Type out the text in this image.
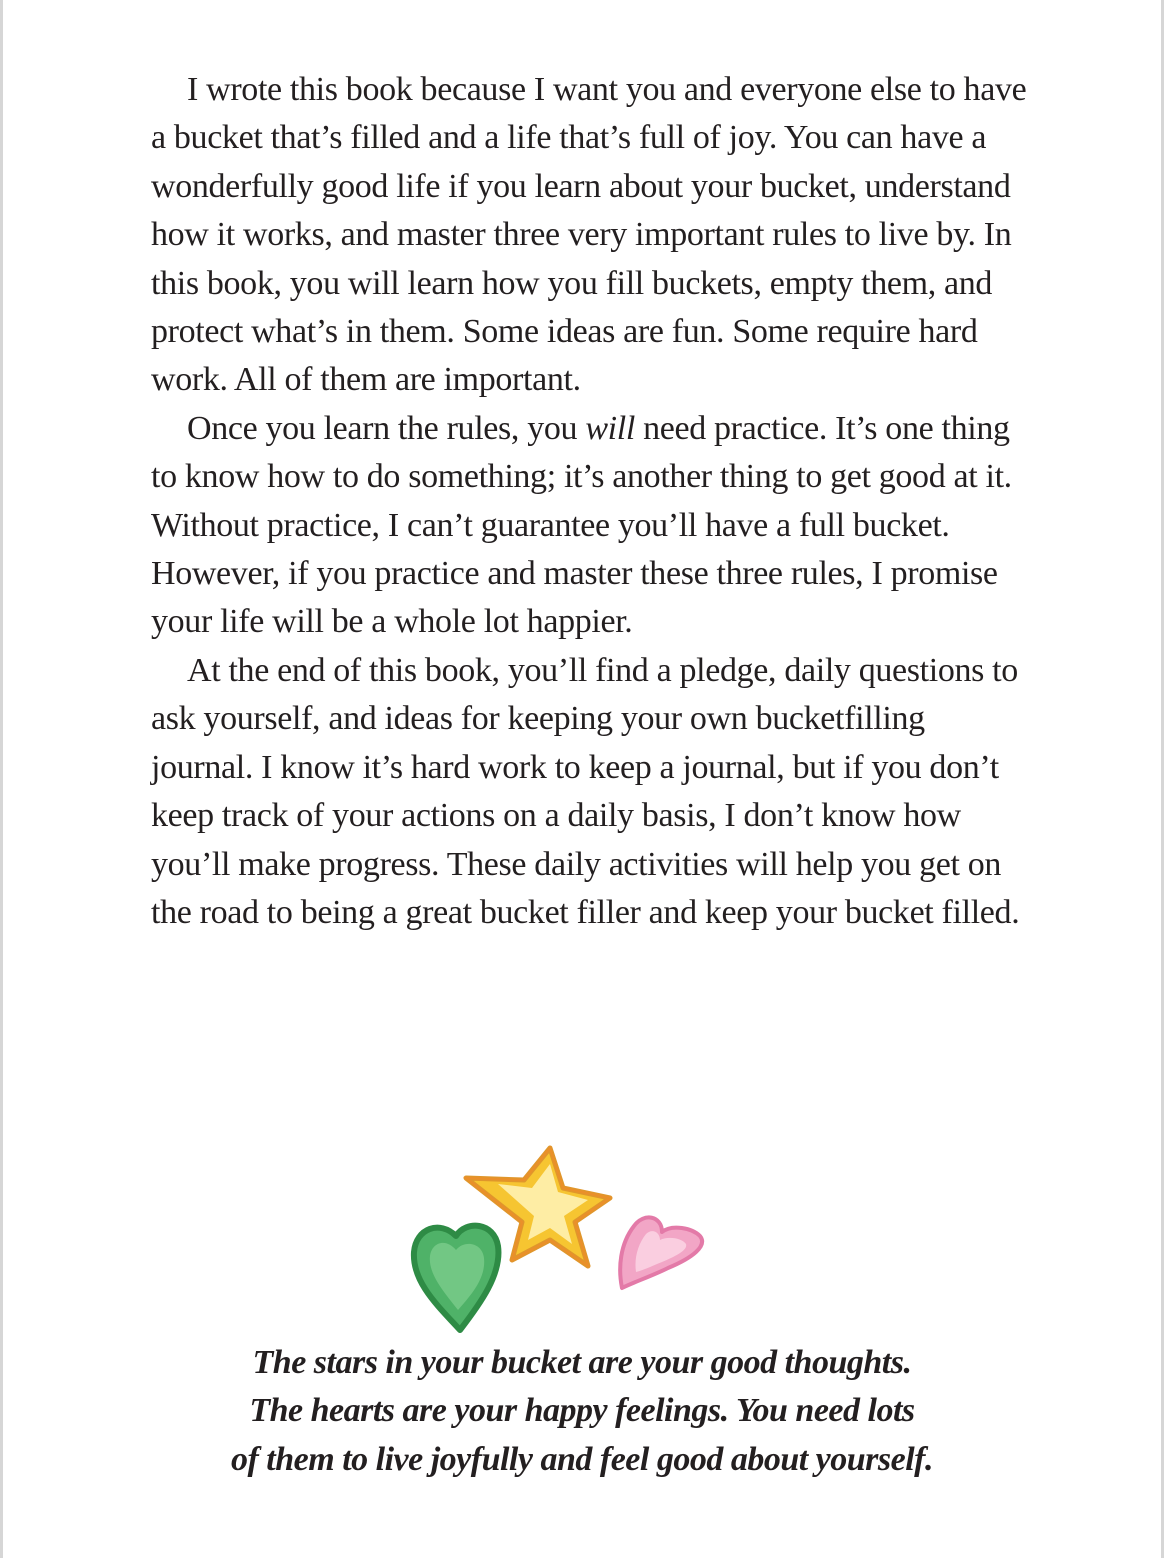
I wrote this book because I want you and everyone else to have a bucket that’s filled and a life that’s full of joy. You can have a wonderfully good life if you learn about your bucket, understand how it works, and master three very important rules to live by. In this book, you will learn how you fill buckets, empty them, and protect what’s in them. Some ideas are fun. Some require hard work. All of them are important.

Once you learn the rules, you will need practice. It’s one thing to know how to do something; it’s another thing to get good at it. Without practice, I can’t guarantee you’ll have a full bucket. However, if you practice and master these three rules, I promise your life will be a whole lot happier.

At the end of this book, you’ll find a pledge, daily questions to ask yourself, and ideas for keeping your own bucketfilling journal. I know it’s hard work to keep a journal, but if you don’t keep track of your actions on a daily basis, I don’t know how you’ll make progress. These daily activities will help you get on the road to being a great bucket filler and keep your bucket filled.

The stars in your bucket are your good thoughts.
The hearts are your happy feelings. You need lots
of them to live joyfully and feel good about yourself.
